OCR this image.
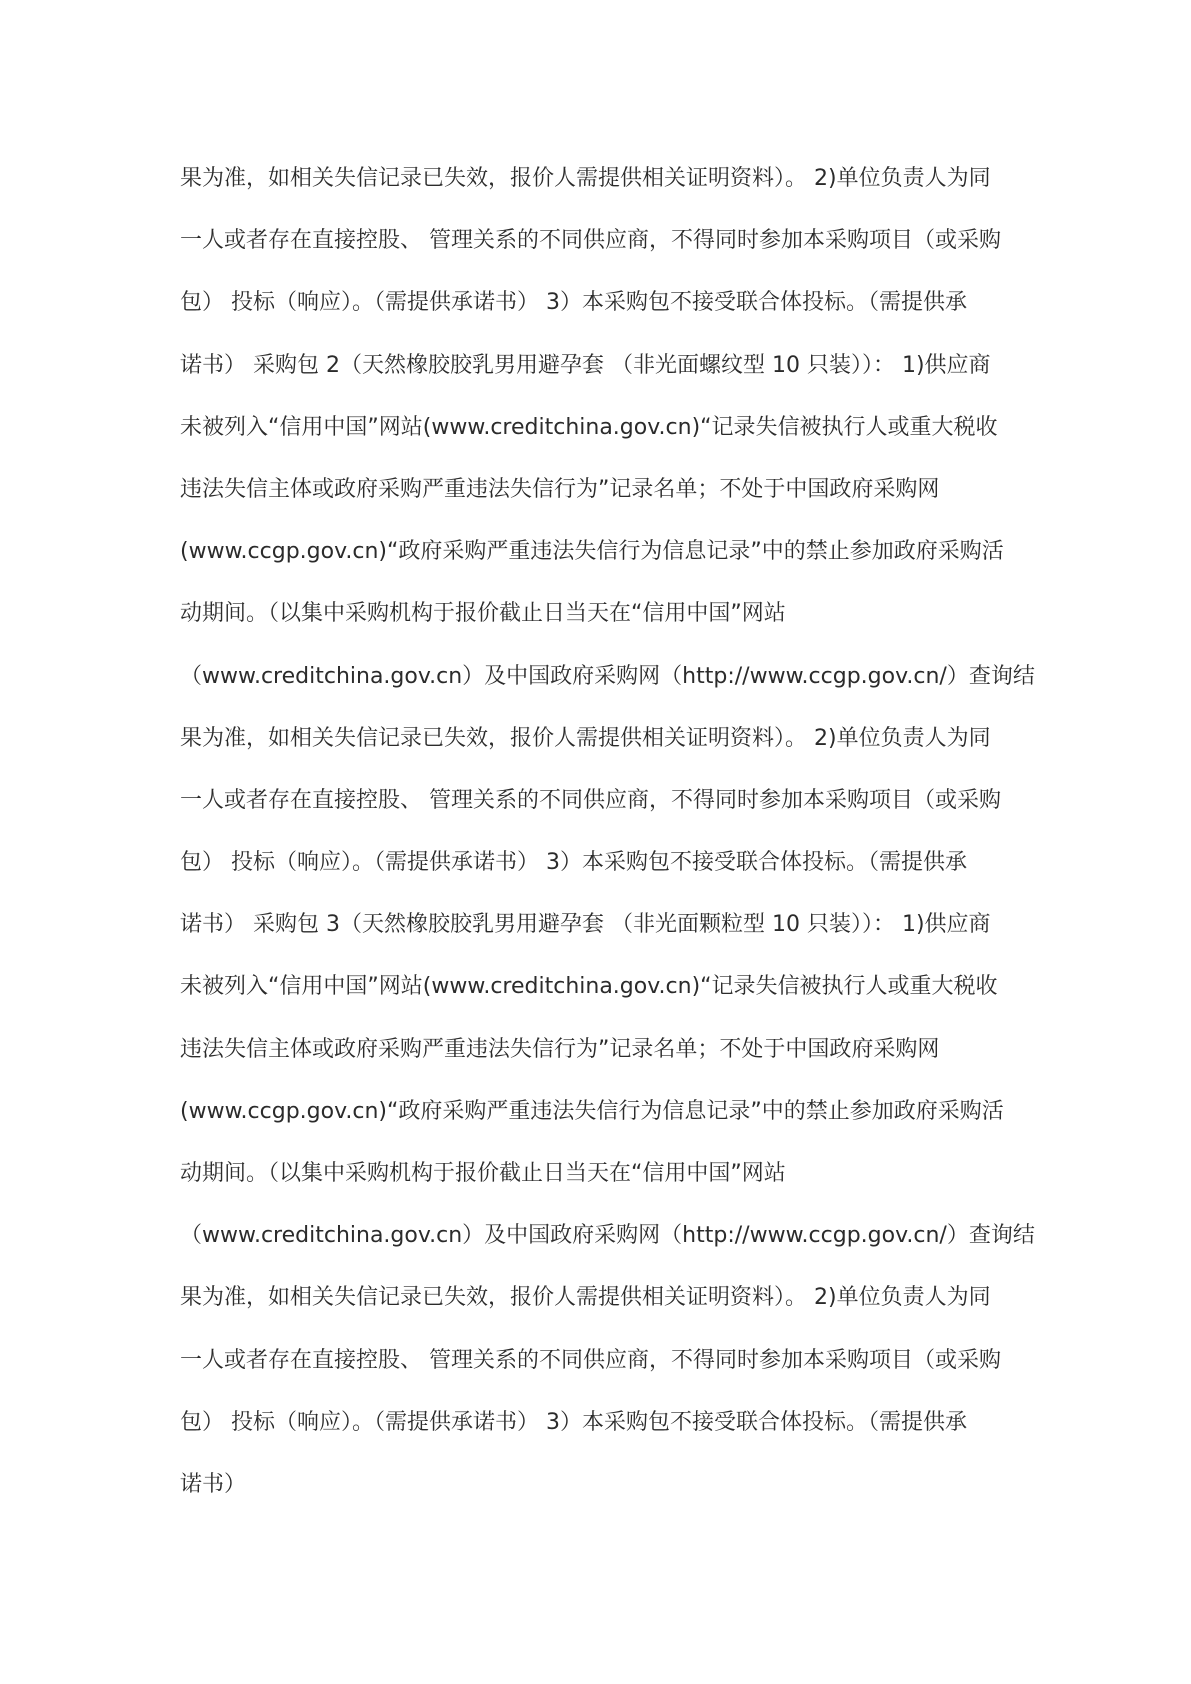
果为准，如相关失信记录已失效，报价人需提供相关证明资料）。 2)单位负责人为同
一人或者存在直接控股、 管理关系的不同供应商，不得同时参加本采购项目（或采购
包） 投标（响应）。（需提供承诺书） 3）本采购包不接受联合体投标。（需提供承
诺书） 采购包 2（天然橡胶胶乳男用避孕套 （非光面螺纹型 10 只装））： 1)供应商
未被列入“信用中国”网站(www.creditchina.gov.cn)“记录失信被执行人或重大税收
违法失信主体或政府采购严重违法失信行为”记录名单；不处于中国政府采购网
(www.ccgp.gov.cn)“政府采购严重违法失信行为信息记录”中的禁止参加政府采购活
动期间。（以集中采购机构于报价截止日当天在“信用中国”网站
（www.creditchina.gov.cn）及中国政府采购网（http://www.ccgp.gov.cn/）查询结
果为准，如相关失信记录已失效，报价人需提供相关证明资料）。 2)单位负责人为同
一人或者存在直接控股、 管理关系的不同供应商，不得同时参加本采购项目（或采购
包） 投标（响应）。（需提供承诺书） 3）本采购包不接受联合体投标。（需提供承
诺书） 采购包 3（天然橡胶胶乳男用避孕套 （非光面颗粒型 10 只装））： 1)供应商
未被列入“信用中国”网站(www.creditchina.gov.cn)“记录失信被执行人或重大税收
违法失信主体或政府采购严重违法失信行为”记录名单；不处于中国政府采购网
(www.ccgp.gov.cn)“政府采购严重违法失信行为信息记录”中的禁止参加政府采购活
动期间。（以集中采购机构于报价截止日当天在“信用中国”网站
（www.creditchina.gov.cn）及中国政府采购网（http://www.ccgp.gov.cn/）查询结
果为准，如相关失信记录已失效，报价人需提供相关证明资料）。 2)单位负责人为同
一人或者存在直接控股、 管理关系的不同供应商，不得同时参加本采购项目（或采购
包） 投标（响应）。（需提供承诺书） 3）本采购包不接受联合体投标。（需提供承
诺书）
